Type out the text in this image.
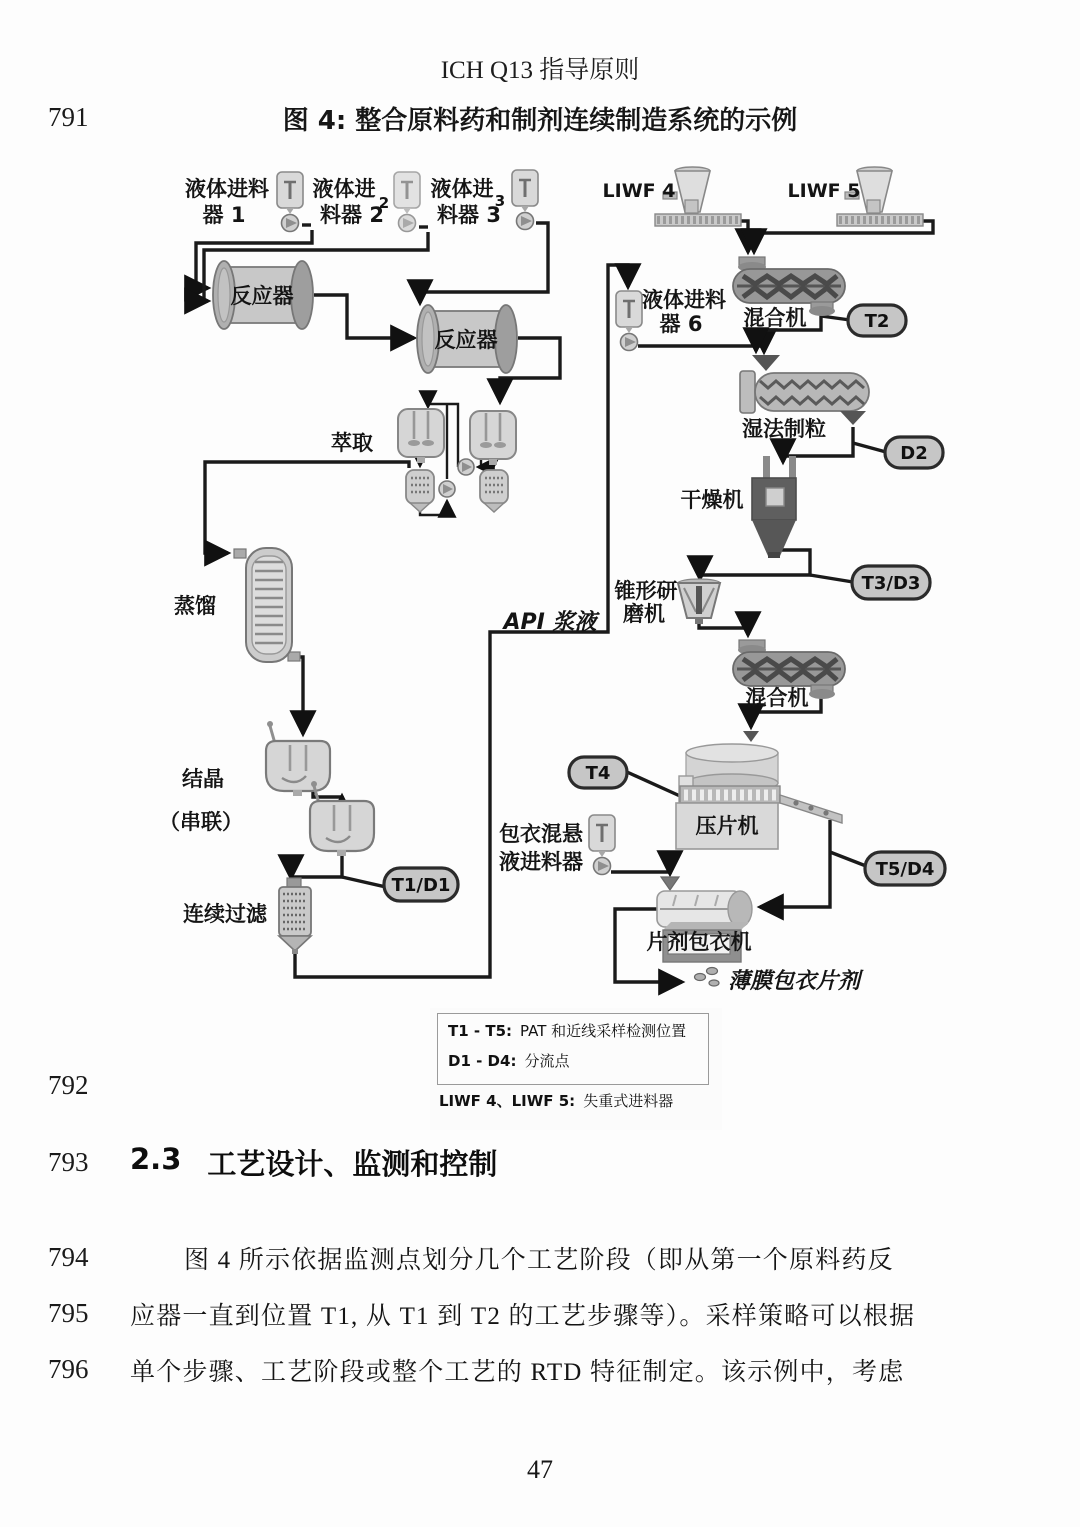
ICH Q13 指导原则
791	图 4: 整合原料药和制剂连续制造系统的示例
液体进料
器 1
液体进
料器 2
2
液体进
料器 3
3	LIWF 4	LIWF 5
反应器
反应器
萃取
蒸馏
API 浆液
结晶
（串联）
连续过滤
液体进料
器 6 混合机
湿法制粒
干燥机
锥形研
磨机
混合机
压片机
包衣混悬
液进料器
片剂包衣机
薄膜包衣片剂
T2
D2
T3/D3
T4
T5/D4
T1/D1
T1 - T5: PAT 和近线采样检测位置
D1 - D4: 分流点
LIWF 4、LIWF 5: 失重式进料器
792
793 2.3 工艺设计、监测和控制
794	图 4 所示依据监测点划分几个工艺阶段（即从第一个原料药反
795 应器一直到位置 T1, 从 T1 到 T2 的工艺步骤等）。采样策略可以根据
796 单个步骤、工艺阶段或整个工艺的 RTD 特征制定。该示例中，考虑
47
